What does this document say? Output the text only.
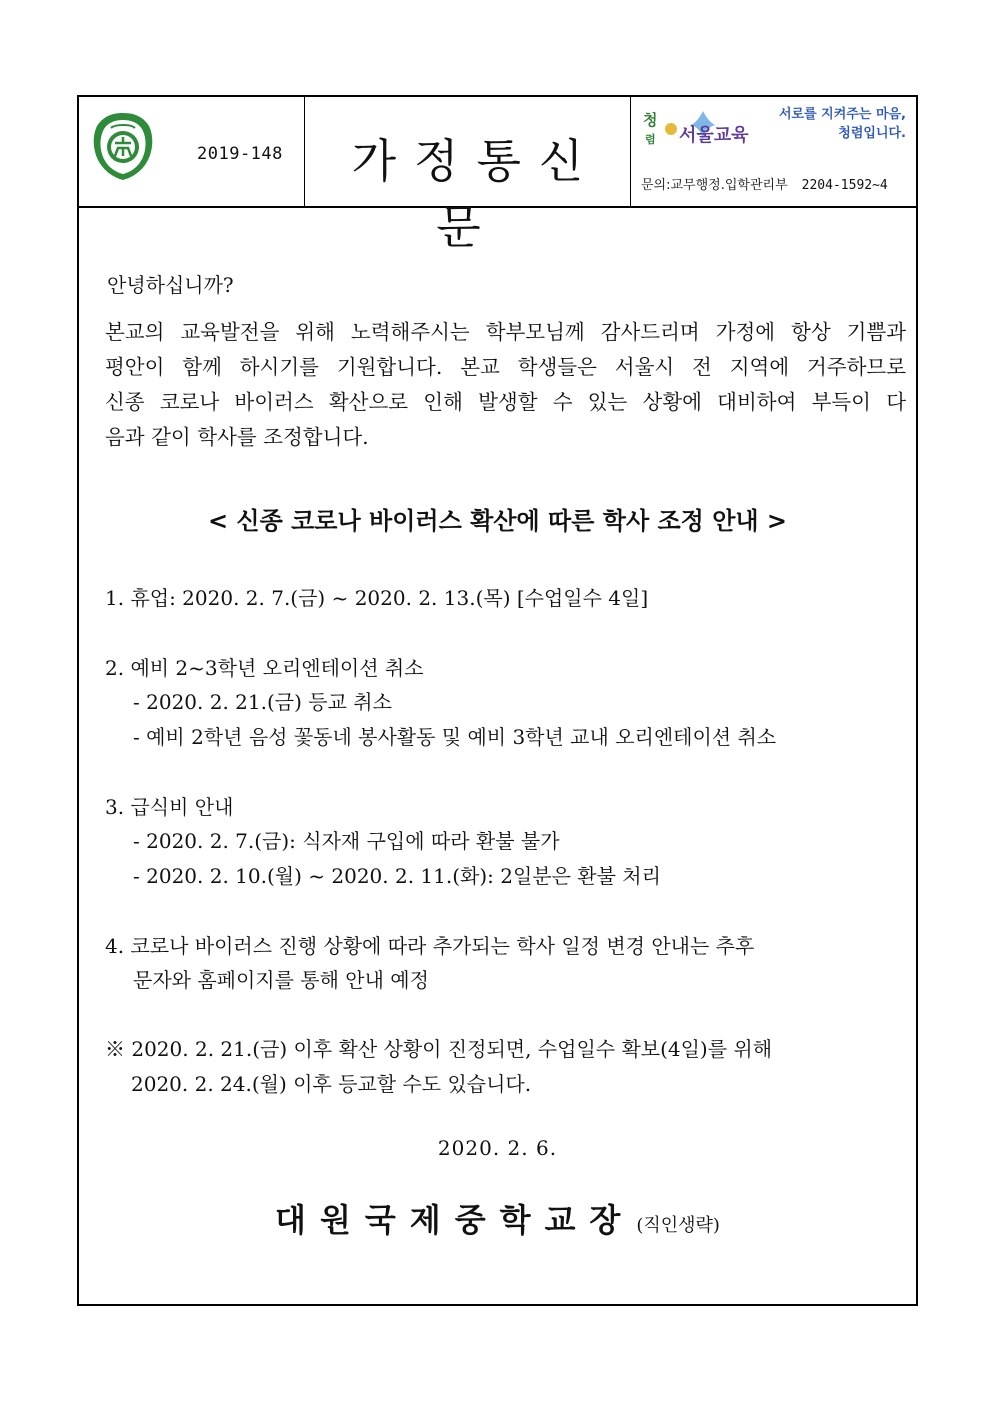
2019-148	가정통신문
청
렴 서울교육
서로를 지켜주는 마음,
청렴입니다.
문의:교무행정.입학관리부 2204-1592~4
안녕하십니까?
본교의 교육발전을 위해 노력해주시는 학부모님께 감사드리며 가정에 항상 기쁨과
평안이 함께 하시기를 기원합니다. 본교 학생들은 서울시 전 지역에 거주하므로
신종 코로나 바이러스 확산으로 인해 발생할 수 있는 상황에 대비하여 부득이 다
음과 같이 학사를 조정합니다.
< 신종 코로나 바이러스 확산에 따른 학사 조정 안내 >
1. 휴업: 2020. 2. 7.(금) ~ 2020. 2. 13.(목) [수업일수 4일]
2. 예비 2~3학년 오리엔테이션 취소
- 2020. 2. 21.(금) 등교 취소
- 예비 2학년 음성 꽃동네 봉사활동 및 예비 3학년 교내 오리엔테이션 취소
3. 급식비 안내
- 2020. 2. 7.(금): 식자재 구입에 따라 환불 불가
- 2020. 2. 10.(월) ~ 2020. 2. 11.(화): 2일분은 환불 처리
4. 코로나 바이러스 진행 상황에 따라 추가되는 학사 일정 변경 안내는 추후
문자와 홈페이지를 통해 안내 예정
※ 2020. 2. 21.(금) 이후 확산 상황이 진정되면, 수업일수 확보(4일)를 위해
2020. 2. 24.(월) 이후 등교할 수도 있습니다.
2020. 2. 6.
대원국제중학교장 (직인생략)
